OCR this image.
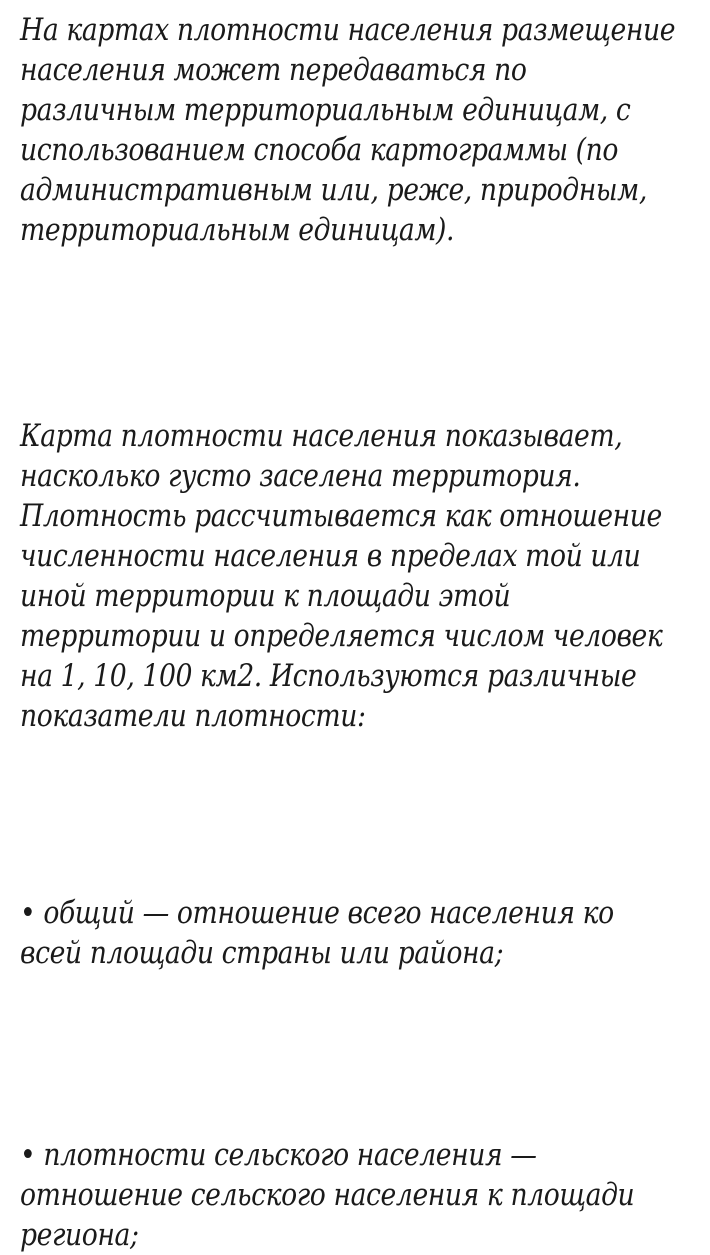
На картах плотности населения размещение населения может передаваться по различным территориальным единицам, с использованием способа картограммы (по административным или, реже, природным, территориальным единицам).

Карта плотности населения показывает, насколько густо заселена территория. Плотность рассчитывается как отношение численности населения в пределах той или иной территории к площади этой территории и определяется числом человек на 1, 10, 100 км2. Используются различные показатели плотности:

• общий — отношение всего населения ко всей площади страны или района;

• плотности сельского населения — отношение сельского населения к площади региона;
